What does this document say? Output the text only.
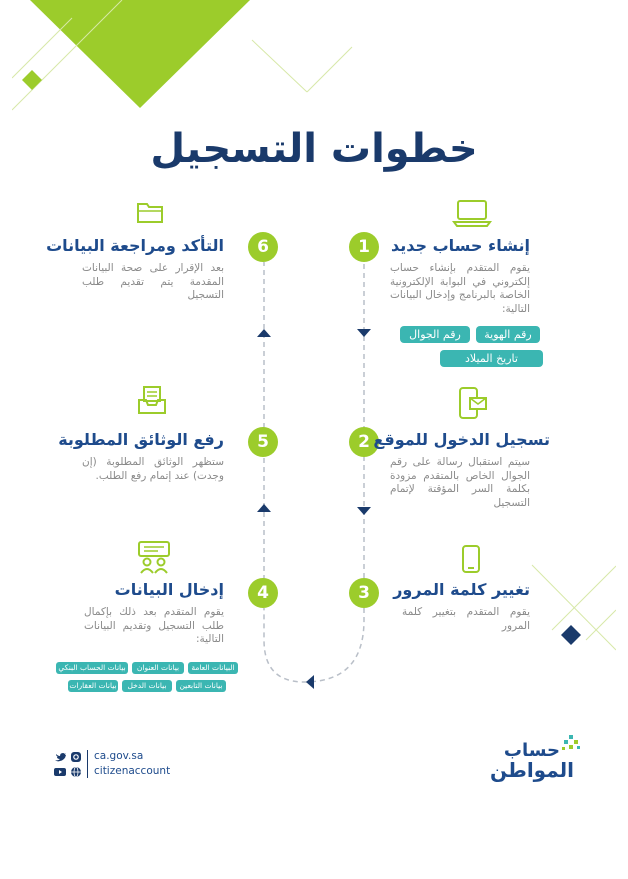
خطوات التسجيل
1	إنشاء حساب جديد
يقوم المتقدم بإنشاء حساب إلكتروني في البوابة الإلكترونية الخاصة بالبرنامج وإدخال البيانات التالية:
رقم الهوية
رقم الجوال
تاريخ الميلاد
2 تسجيل الدخول للموقع
سيتم استقبال رسالة على رقم الجوال الخاص بالمتقدم مزودة بكلمة السر المؤقتة لإتمام التسجيل
3	تغيير كلمة المرور
يقوم المتقدم بتغيير كلمة المرور
4
إدخال البيانات
يقوم المتقدم بعد ذلك بإكمال طلب التسجيل وتقديم البيانات التالية:
البيانات العامة
بيانات العنوان
بيانات الحساب البنكي
بيانات التابعين
بيانات الدخل
بيانات العقارات
5
رفع الوثائق المطلوبة
ستظهر الوثائق المطلوبة (إن وجدت) عند إتمام رفع الطلب.
6
التأكد ومراجعة البيانات
بعد الإقرار على صحة البيانات المقدمة يتم تقديم طلب التسجيل
ca.gov.sa
citizenaccount
حساب
المواطن
